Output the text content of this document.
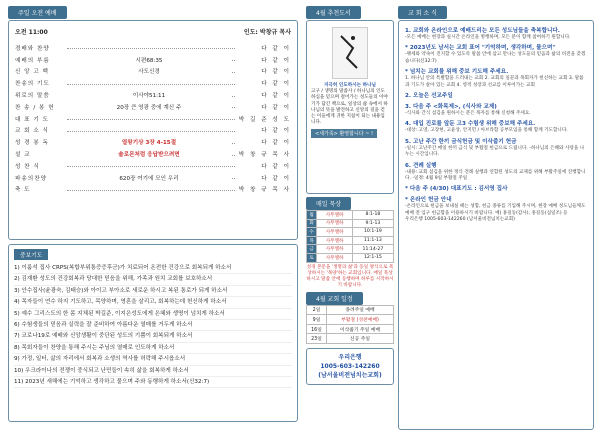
주일 오전 예배
오전 11:00	인도: 박창규 목사
경배와 찬양	다 같 이
예배의 부름	다 같 이
시편68:35
신 앙 고 백	다 같 이
사도신경
찬송의 기도	다 같 이
위로의 말씀	다 같 이
이사야51:11
찬 송 / 봉 헌	다 같 이
20장 큰 영광 중에 계신 주
대 표 기 도	박 길 준 성 도
교 회 소 식	다 같 이
성 경 봉 독	다 같 이
열왕기상 3장 4-15절
설 교	박 창 규 목 사
솔로몬처럼 응답받으려면
성 찬 식	다 같 이
파송의찬양	다 같 이
620장 여기에 모인 우리
축 도	박 창 규 목 사
중보기도
1) 이룸석 집사 CRPS(복합부위통증증후군)가 치료되어 온전한 건강으로 회복되게 하소서
2) 김재환 성도의 건강회복과 당대한 믿음을 위해, 가족과 원치 교회를 보호하소서
3) 안수집사(윤광숙, 김태승)와 아이고 부아소로 새로운 하시고 복된 통로가 되게 하소서
4) 목자들이 연수 하지 기도하고, 목양하며, 영혼을 살리고, 회복하는데 헌신하게 하소서
5) 예수 그리스도의 한 몸 지체된 박길준, 이지은성도에게 은혜와 생명이 넘치게 하소서
6) 수험생들의 믿음과 실력을 잘 준비하여 아름다운 열매를 거두게 하소서
7) 코로나19로 예배와 신앙생활이 중단된 성도의 기쁨이 회복되게 하소서
8) 목회자들이 찬양을 통해 주시는 주님의 열매로 인도하게 하소서
9) 가정, 일터, 삶의 자리에서 회복과 소생의 역사를 허락해 주시옵소서
10) 우크라이나의 전쟁이 중식되고 난민들이 속히 삶을 회복하게 하소서
11) 2023년 새해에는 기억하고 생각하고 물으며 주와 동행하게 하소서(신32:7)
4월 추천도서

지극히 인도하시는 하나님

고구 / 생명의 말씀사 / 하나님의 인도하심을 믿으며 걸어가는 성도들의 이야기가 담긴 책으로, 일상의 삶 속에서 하나님의 뜻을 발견하고 신앙의 길을 걷는 이들에게 귀한 지침이 되는 내용입니다.

<새가족> 환영합니다 ~ !
매일 묵상
월	사무엘하	8:1-18
화	사무엘하	9:1-13
수	사무엘하	10:1-19
목	사무엘하	11:1-13
금	사무엘하	11:14-27
토	사무엘하	12:1-15
성경 본문을 '생명의 삶'과 동일 방식으로 묵상하시는 '목양'하는 교회입니다. 매일 묵상하시고 말씀 안에 동행하며 하루를 시작하시기 바랍니다.
4월 교회 일정
2일	종려주일 예배
9일	부활절 (성찬예배)
16일	이삭줍기 주일 예배
23일	신공 주일
우리은행
1005-603-142260
(남서울비전넘치는교회)
교 회 소 식
1. 교회와 온라인으로 예배드리는 모든 성도님들을 축복합니다.
-모든 예배는 현장과 실시간 온라인을 병행하며, 모든 분이 함께 참여하기 원합니다.
* 2023년도 남서는 교회 표어 "기억하며, 생각하며, 물으며"
-맹세와 약속이 진지할 수 있도록 말씀 안에 삼고 만나는 성도들의 믿음과 삶의 비전을 갖겠습니다(신32:7)
* 넘치는 교회를 위해 중보 기도해 주세요.
1. 하나님 안의 특별함을 드러내는 교회 2. 교회의 일꾼과 목회자가 헌신하는 교회 3. 말씀과 기도가 살아 있는 교회 4. 영적 성장과 선교를 이루어가는 교회
2. 오늘은 선교주일
3. 다음 주 <화목제>, (식사와 교제)
-식사와 간식 섬김을 원하시는 분은 목자를 통해 신청해 주세요.
4. 대입 진로를 앞둔 고3 수험생 위해 중보해 주세요.
-대상: 고영, 고장현, 고윤상, 안지민 / 아브라함 공부모임을 통해 함께 기도합니다.
5. 고난 주간 한끼 금식헌금 및 이삭줍기 헌금
-일시: 고난주간 매일 한끼 금식 및 부활절 헌금으로 드립니다. -하나님의 은혜와 사랑을 나누는 시간입니다.
6. 견례 실행
-내용: 교회 섬김을 위한 정식 견례 실행과 연합된 성도의 교제를 위해 부활주일에 진행합니다. -일정: 4월 9일 부활절 주일
* 다음 주 (4/30) 대표기도 : 김서영 집사
* 온라인 헌금 안내
-온라인으로 헌금을 보내실 때는 성함, 헌금 종류를 기입해 주시며, 현장 예배 성도님들께도 예배 전 입구 헌금함을 이용하시기 바랍니다. 예) 홍길동(감사), 홍길동(십일조) 등
우리은행 1005-603-142260 (남서울비전넘치는교회)
